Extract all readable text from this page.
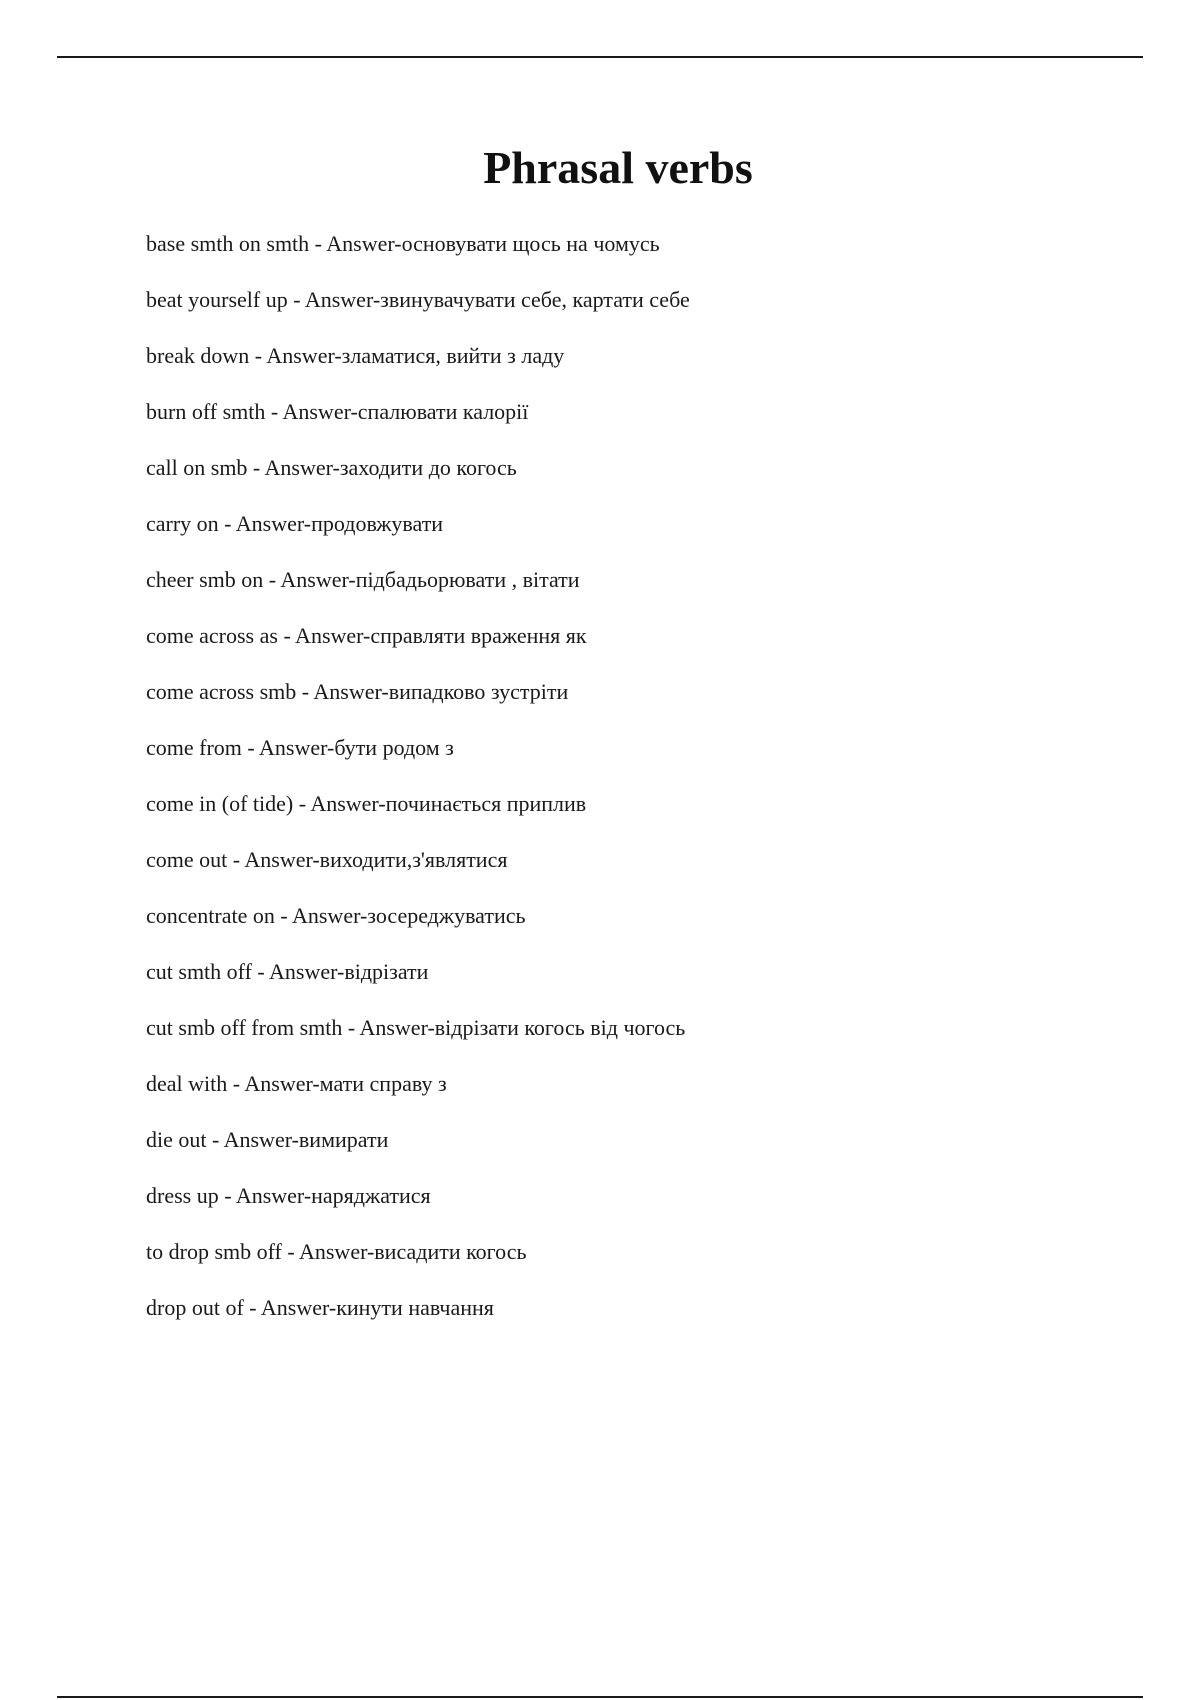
Phrasal verbs
base smth on smth - Answer-основувати щось на чомусь
beat yourself up - Answer-звинувачувати себе, картати себе
break down - Answer-зламатися, вийти з ладу
burn off smth - Answer-спалювати калорії
call on smb - Answer-заходити до когось
carry on - Answer-продовжувати
cheer smb on - Answer-підбадьорювати , вітати
come across as - Answer-справляти враження як
come across smb - Answer-випадково зустріти
come from - Answer-бути родом з
come in (of tide) - Answer-починається приплив
come out - Answer-виходити,з'являтися
concentrate on - Answer-зосереджуватись
cut smth off - Answer-відрізати
cut smb off from smth - Answer-відрізати когось від чогось
deal with - Answer-мати справу з
die out - Answer-вимирати
dress up - Answer-наряджатися
to drop smb off - Answer-висадити когось
drop out of - Answer-кинути навчання
